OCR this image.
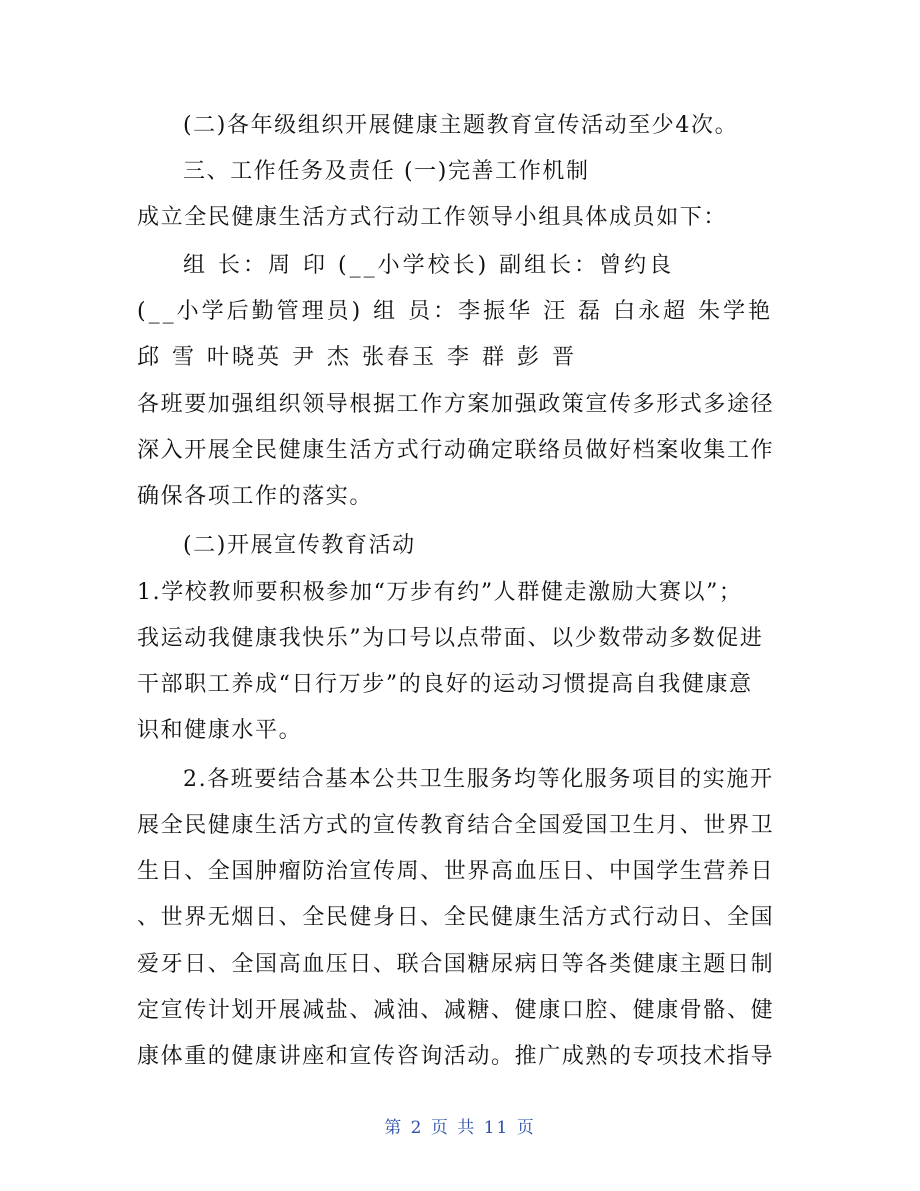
(二)各年级组织开展健康主题教育宣传活动至少4次。
三、工作任务及责任 (一)完善工作机制
成立全民健康生活方式行动工作领导小组具体成员如下：
组 长：周 印 (__小学校长) 副组长：曾约良
(__小学后勤管理员) 组 员：李振华 汪 磊 白永超 朱学艳
邱 雪 叶晓英 尹 杰 张春玉 李 群 彭 晋
各班要加强组织领导根据工作方案加强政策宣传多形式多途径
深入开展全民健康生活方式行动确定联络员做好档案收集工作
确保各项工作的落实。
(二)开展宣传教育活动
1.学校教师要积极参加“万步有约”人群健走激励大赛以”；
我运动我健康我快乐”为口号以点带面、以少数带动多数促进
干部职工养成“日行万步”的良好的运动习惯提高自我健康意
识和健康水平。
2.各班要结合基本公共卫生服务均等化服务项目的实施开
展全民健康生活方式的宣传教育结合全国爱国卫生月、世界卫
生日、全国肿瘤防治宣传周、世界高血压日、中国学生营养日
、世界无烟日、全民健身日、全民健康生活方式行动日、全国
爱牙日、全国高血压日、联合国糖尿病日等各类健康主题日制
定宣传计划开展减盐、减油、减糖、健康口腔、健康骨骼、健
康体重的健康讲座和宣传咨询活动。推广成熟的专项技术指导
第 2 页 共 11 页
